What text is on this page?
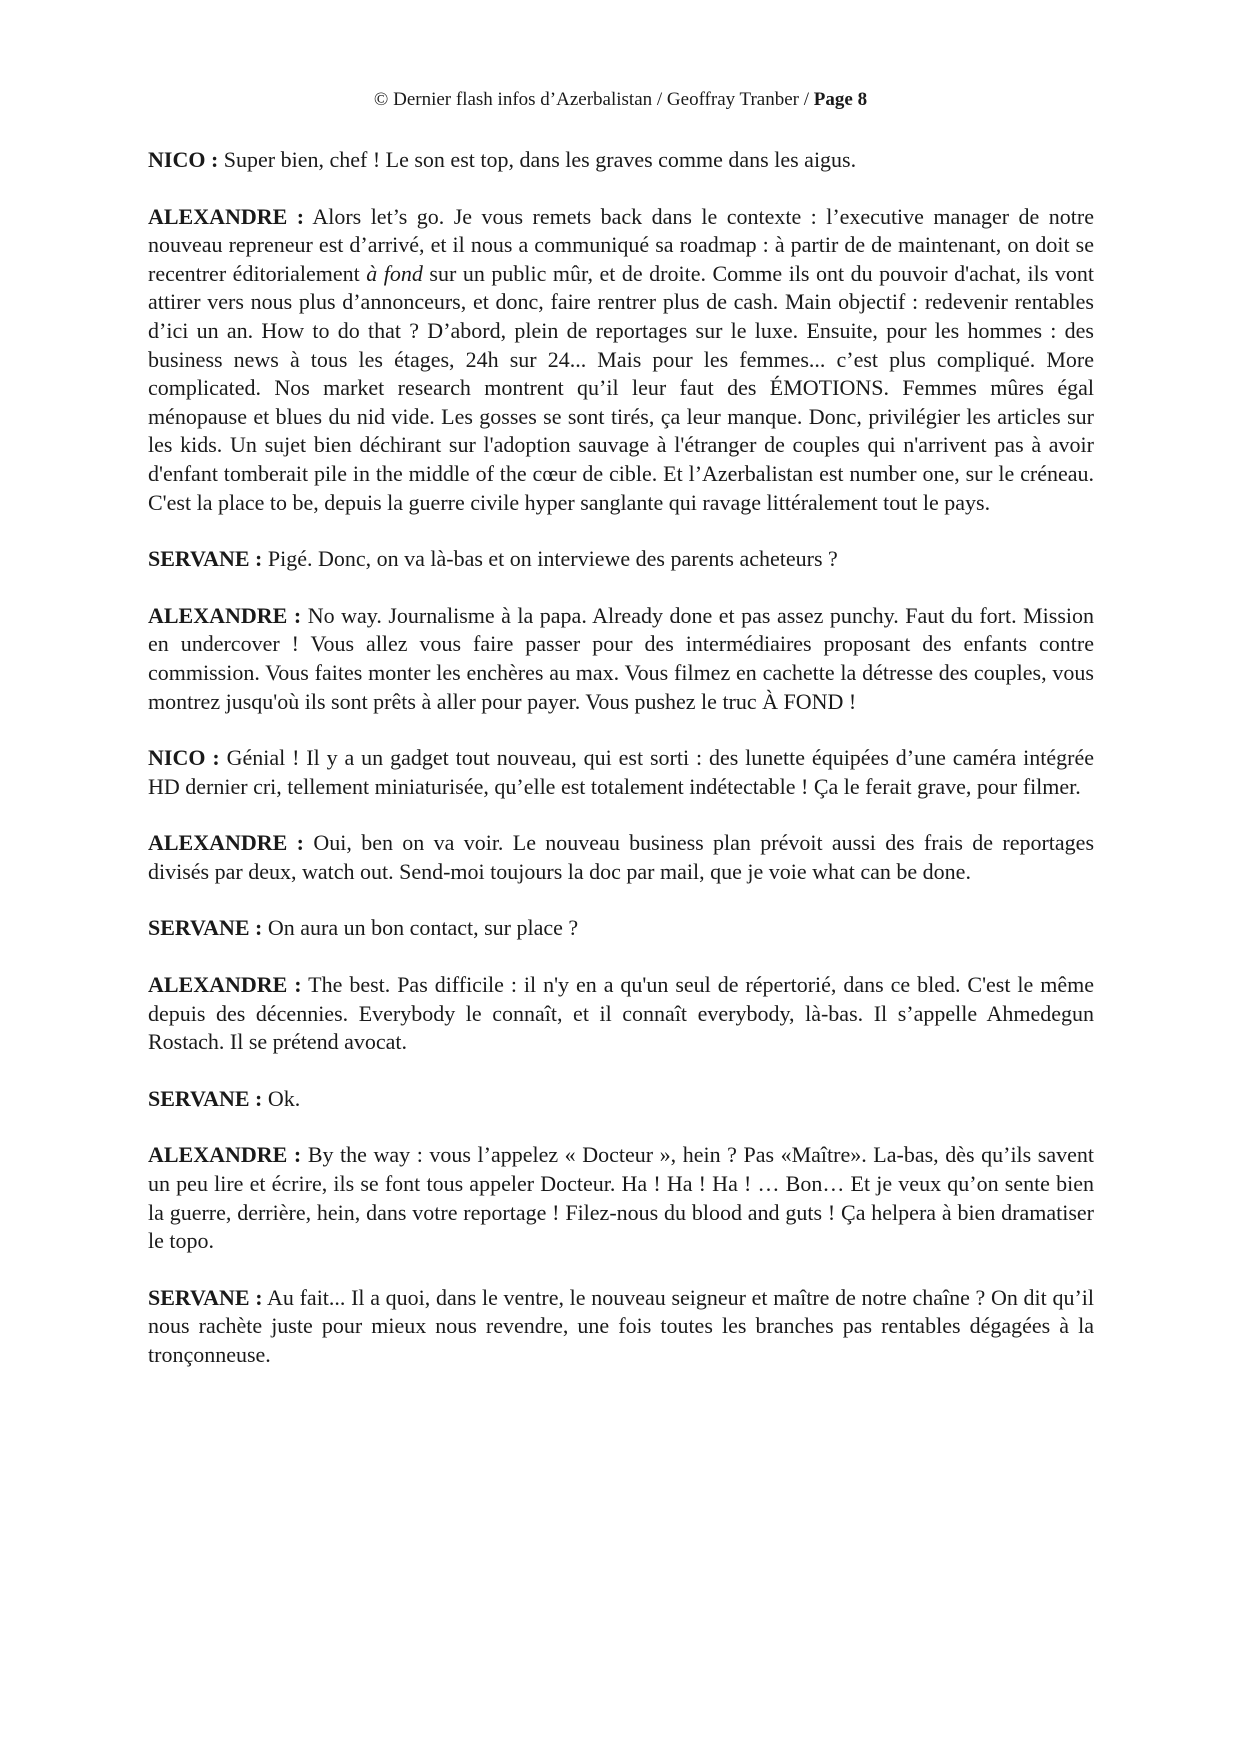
© Dernier flash infos d’Azerbalistan / Geoffray Tranber / Page 8

NICO : Super bien, chef ! Le son est top, dans les graves comme dans les aigus.

ALEXANDRE : Alors let’s go. Je vous remets back dans le contexte : l’executive manager de notre nouveau repreneur est d’arrivé, et il nous a communiqué sa roadmap : à partir de de maintenant, on doit se recentrer éditorialement à fond sur un public mûr, et de droite. Comme ils ont du pouvoir d'achat, ils vont attirer vers nous plus d’annonceurs, et donc, faire rentrer plus de cash. Main objectif : redevenir rentables d’ici un an. How to do that ? D’abord, plein de reportages sur le luxe. Ensuite, pour les hommes : des business news à tous les étages, 24h sur 24... Mais pour les femmes... c’est plus compliqué. More complicated. Nos market research montrent qu’il leur faut des ÉMOTIONS. Femmes mûres égal ménopause et blues du nid vide. Les gosses se sont tirés, ça leur manque. Donc, privilégier les articles sur les kids. Un sujet bien déchirant sur l'adoption sauvage à l'étranger de couples qui n'arrivent pas à avoir d'enfant tomberait pile in the middle of the cœur de cible. Et l’Azerbalistan est number one, sur le créneau. C'est la place to be, depuis la guerre civile hyper sanglante qui ravage littéralement tout le pays.

SERVANE : Pigé. Donc, on va là-bas et on interviewe des parents acheteurs ?

ALEXANDRE : No way. Journalisme à la papa. Already done et pas assez punchy. Faut du fort. Mission en undercover ! Vous allez vous faire passer pour des intermédiaires proposant des enfants contre commission. Vous faites monter les enchères au max. Vous filmez en cachette la détresse des couples, vous montrez jusqu'où ils sont prêts à aller pour payer. Vous pushez le truc À FOND !

NICO : Génial ! Il y a un gadget tout nouveau, qui est sorti : des lunette équipées d’une caméra intégrée HD dernier cri, tellement miniaturisée, qu’elle est totalement indétectable ! Ça le ferait grave, pour filmer.

ALEXANDRE : Oui, ben on va voir. Le nouveau business plan prévoit aussi des frais de reportages divisés par deux, watch out. Send-moi toujours la doc par mail, que je voie what can be done.

SERVANE : On aura un bon contact, sur place ?

ALEXANDRE : The best. Pas difficile : il n'y en a qu'un seul de répertorié, dans ce bled. C'est le même depuis des décennies. Everybody le connaît, et il connaît everybody, là-bas. Il s’appelle Ahmedegun Rostach. Il se prétend avocat.

SERVANE : Ok.

ALEXANDRE : By the way : vous l’appelez « Docteur », hein ? Pas «Maître». La-bas, dès qu’ils savent un peu lire et écrire, ils se font tous appeler Docteur. Ha ! Ha ! Ha ! … Bon… Et je veux qu’on sente bien la guerre, derrière, hein, dans votre reportage ! Filez-nous du blood and guts ! Ça helpera à bien dramatiser le topo.

SERVANE : Au fait... Il a quoi, dans le ventre, le nouveau seigneur et maître de notre chaîne ? On dit qu’il nous rachète juste pour mieux nous revendre, une fois toutes les branches pas rentables dégagées à la tronçonneuse.
